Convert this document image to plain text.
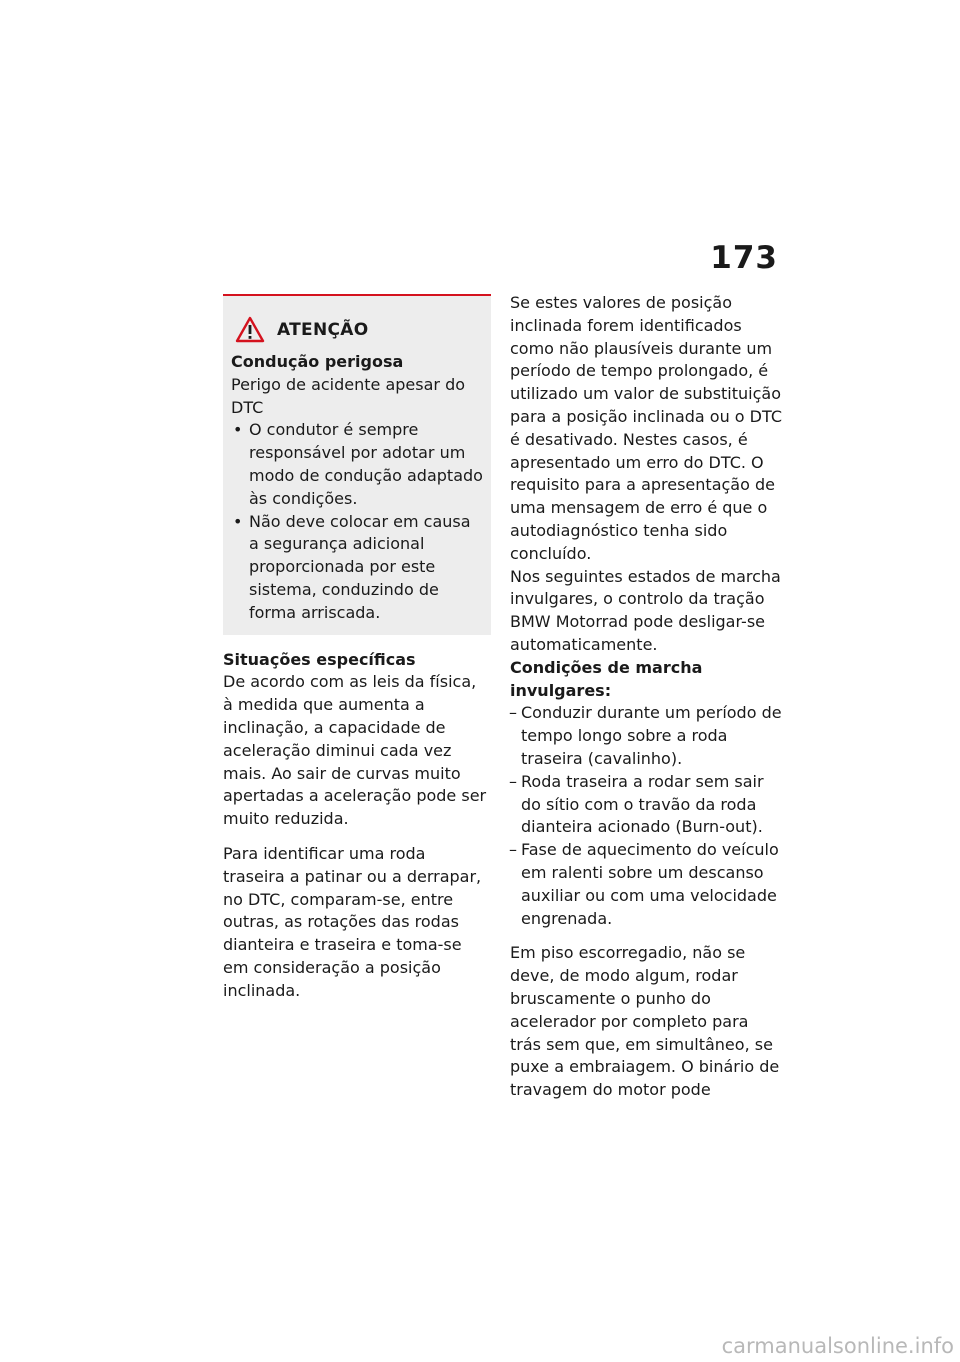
173
ATENÇÃO

Condução perigosa

Perigo de acidente apesar do DTC

• O condutor é sempre responsável por adotar um modo de condução adaptado às condições.
• Não deve colocar em causa a segurança adicional proporcionada por este sistema, conduzindo de forma arriscada.
Situações específicas

De acordo com as leis da física, à medida que aumenta a inclinação, a capacidade de aceleração diminui cada vez mais. Ao sair de curvas muito apertadas a aceleração pode ser muito reduzida.

Para identificar uma roda traseira a patinar ou a derrapar, no DTC, comparam-se, entre outras, as rotações das rodas dianteira e traseira e toma-se em consideração a posição inclinada.

Se estes valores de posição inclinada forem identificados como não plausíveis durante um período de tempo prolongado, é utilizado um valor de substituição para a posição inclinada ou o DTC é desativado. Nestes casos, é apresentado um erro do DTC. O requisito para a apresentação de uma mensagem de erro é que o autodiagnóstico tenha sido concluído.

Nos seguintes estados de marcha invulgares, o controlo da tração BMW Motorrad pode desligar-se automaticamente.

Condições de marcha invulgares:
– Conduzir durante um período de tempo longo sobre a roda traseira (cavalinho).
– Roda traseira a rodar sem sair do sítio com o travão da roda dianteira acionado (Burn-out).
– Fase de aquecimento do veículo em ralenti sobre um descanso auxiliar ou com uma velocidade engrenada.

Em piso escorregadio, não se deve, de modo algum, rodar bruscamente o punho do acelerador por completo para trás sem que, em simultâneo, se puxe a embraiagem. O binário de travagem do motor pode

carmanualsonline.info
